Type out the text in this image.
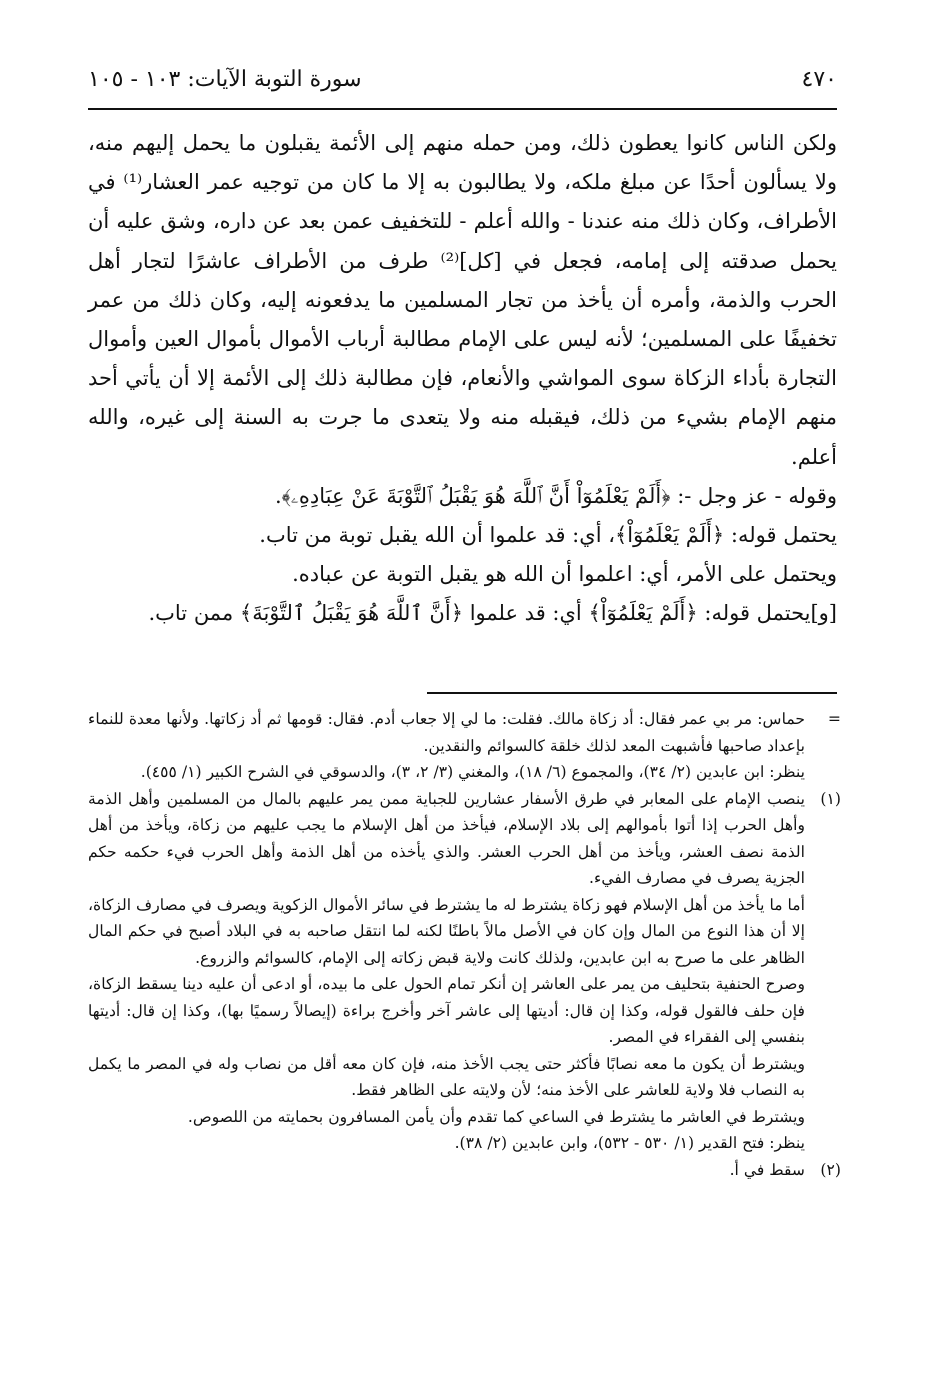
٤٧٠
سورة التوبة الآيات: ١٠٣ - ١٠٥

ولكن الناس كانوا يعطون ذلك، ومن حمله منهم إلى الأئمة يقبلون ما يحمل إليهم منه، ولا يسألون أحدًا عن مبلغ ملكه، ولا يطالبون به إلا ما كان من توجيه عمر العشار⁽¹⁾ في الأطراف، وكان ذلك منه عندنا - والله أعلم - للتخفيف عمن بعد عن داره، وشق عليه أن يحمل صدقته إلى إمامه، فجعل في [كل]⁽²⁾ طرف من الأطراف عاشرًا لتجار أهل الحرب والذمة، وأمره أن يأخذ من تجار المسلمين ما يدفعونه إليه، وكان ذلك من عمر تخفيفًا على المسلمين؛ لأنه ليس على الإمام مطالبة أرباب الأموال بأموال العين وأموال التجارة بأداء الزكاة سوى المواشي والأنعام، فإن مطالبة ذلك إلى الأئمة إلا أن يأتي أحد منهم الإمام بشيء من ذلك، فيقبله منه ولا يتعدى ما جرت به السنة إلى غيره، والله أعلم.

وقوله - عز وجل -: ﴿أَلَمْ يَعْلَمُوٓاْ أَنَّ ٱللَّهَ هُوَ يَقْبَلُ ٱلتَّوْبَةَ عَنْ عِبَادِهِۦ﴾.

يحتمل قوله: ﴿أَلَمْ يَعْلَمُوٓاْ﴾، أي: قد علموا أن الله يقبل توبة من تاب.

ويحتمل على الأمر، أي: اعلموا أن الله هو يقبل التوبة عن عباده.

[و]يحتمل قوله: ﴿أَلَمْ يَعْلَمُوٓاْ﴾ أي: قد علموا ﴿أَنَّ ٱللَّهَ هُوَ يَقْبَلُ ٱلتَّوْبَةَ﴾ ممن تاب.

=

حماس: مر بي عمر فقال: أد زكاة مالك. فقلت: ما لي إلا جعاب أدم. فقال: قومها ثم أد زكاتها. ولأنها معدة للنماء بإعداد صاحبها فأشبهت المعد لذلك خلقة كالسوائم والنقدين.

ينظر: ابن عابدين (٢/ ٣٤)، والمجموع (٦/ ١٨)، والمغني (٣/ ٢، ٣)، والدسوقي في الشرح الكبير (١/ ٤٥٥).

(١)

ينصب الإمام على المعابر في طرق الأسفار عشارين للجباية ممن يمر عليهم بالمال من المسلمين وأهل الذمة وأهل الحرب إذا أتوا بأموالهم إلى بلاد الإسلام، فيأخذ من أهل الإسلام ما يجب عليهم من زكاة، ويأخذ من أهل الذمة نصف العشر، ويأخذ من أهل الحرب العشر. والذي يأخذه من أهل الذمة وأهل الحرب فيء حكمه حكم الجزية يصرف في مصارف الفيء.

أما ما يأخذ من أهل الإسلام فهو زكاة يشترط له ما يشترط في سائر الأموال الزكوية ويصرف في مصارف الزكاة، إلا أن هذا النوع من المال وإن كان في الأصل مالاً باطنًا لكنه لما انتقل صاحبه به في البلاد أصبح في حكم المال الظاهر على ما صرح به ابن عابدين، ولذلك كانت ولاية قبض زكاته إلى الإمام، كالسوائم والزروع.

وصرح الحنفية بتحليف من يمر على العاشر إن أنكر تمام الحول على ما بيده، أو ادعى أن عليه دينا يسقط الزكاة، فإن حلف فالقول قوله، وكذا إن قال: أديتها إلى عاشر آخر وأخرج براءة (إيصالاً رسميًا بها)، وكذا إن قال: أديتها بنفسي إلى الفقراء في المصر.

ويشترط أن يكون ما معه نصابًا فأكثر حتى يجب الأخذ منه، فإن كان معه أقل من نصاب وله في المصر ما يكمل به النصاب فلا ولاية للعاشر على الأخذ منه؛ لأن ولايته على الظاهر فقط.

ويشترط في العاشر ما يشترط في الساعي كما تقدم وأن يأمن المسافرون بحمايته من اللصوص.

ينظر: فتح القدير (١/ ٥٣٠ - ٥٣٢)، وابن عابدين (٢/ ٣٨).

(٢)

سقط في أ.
